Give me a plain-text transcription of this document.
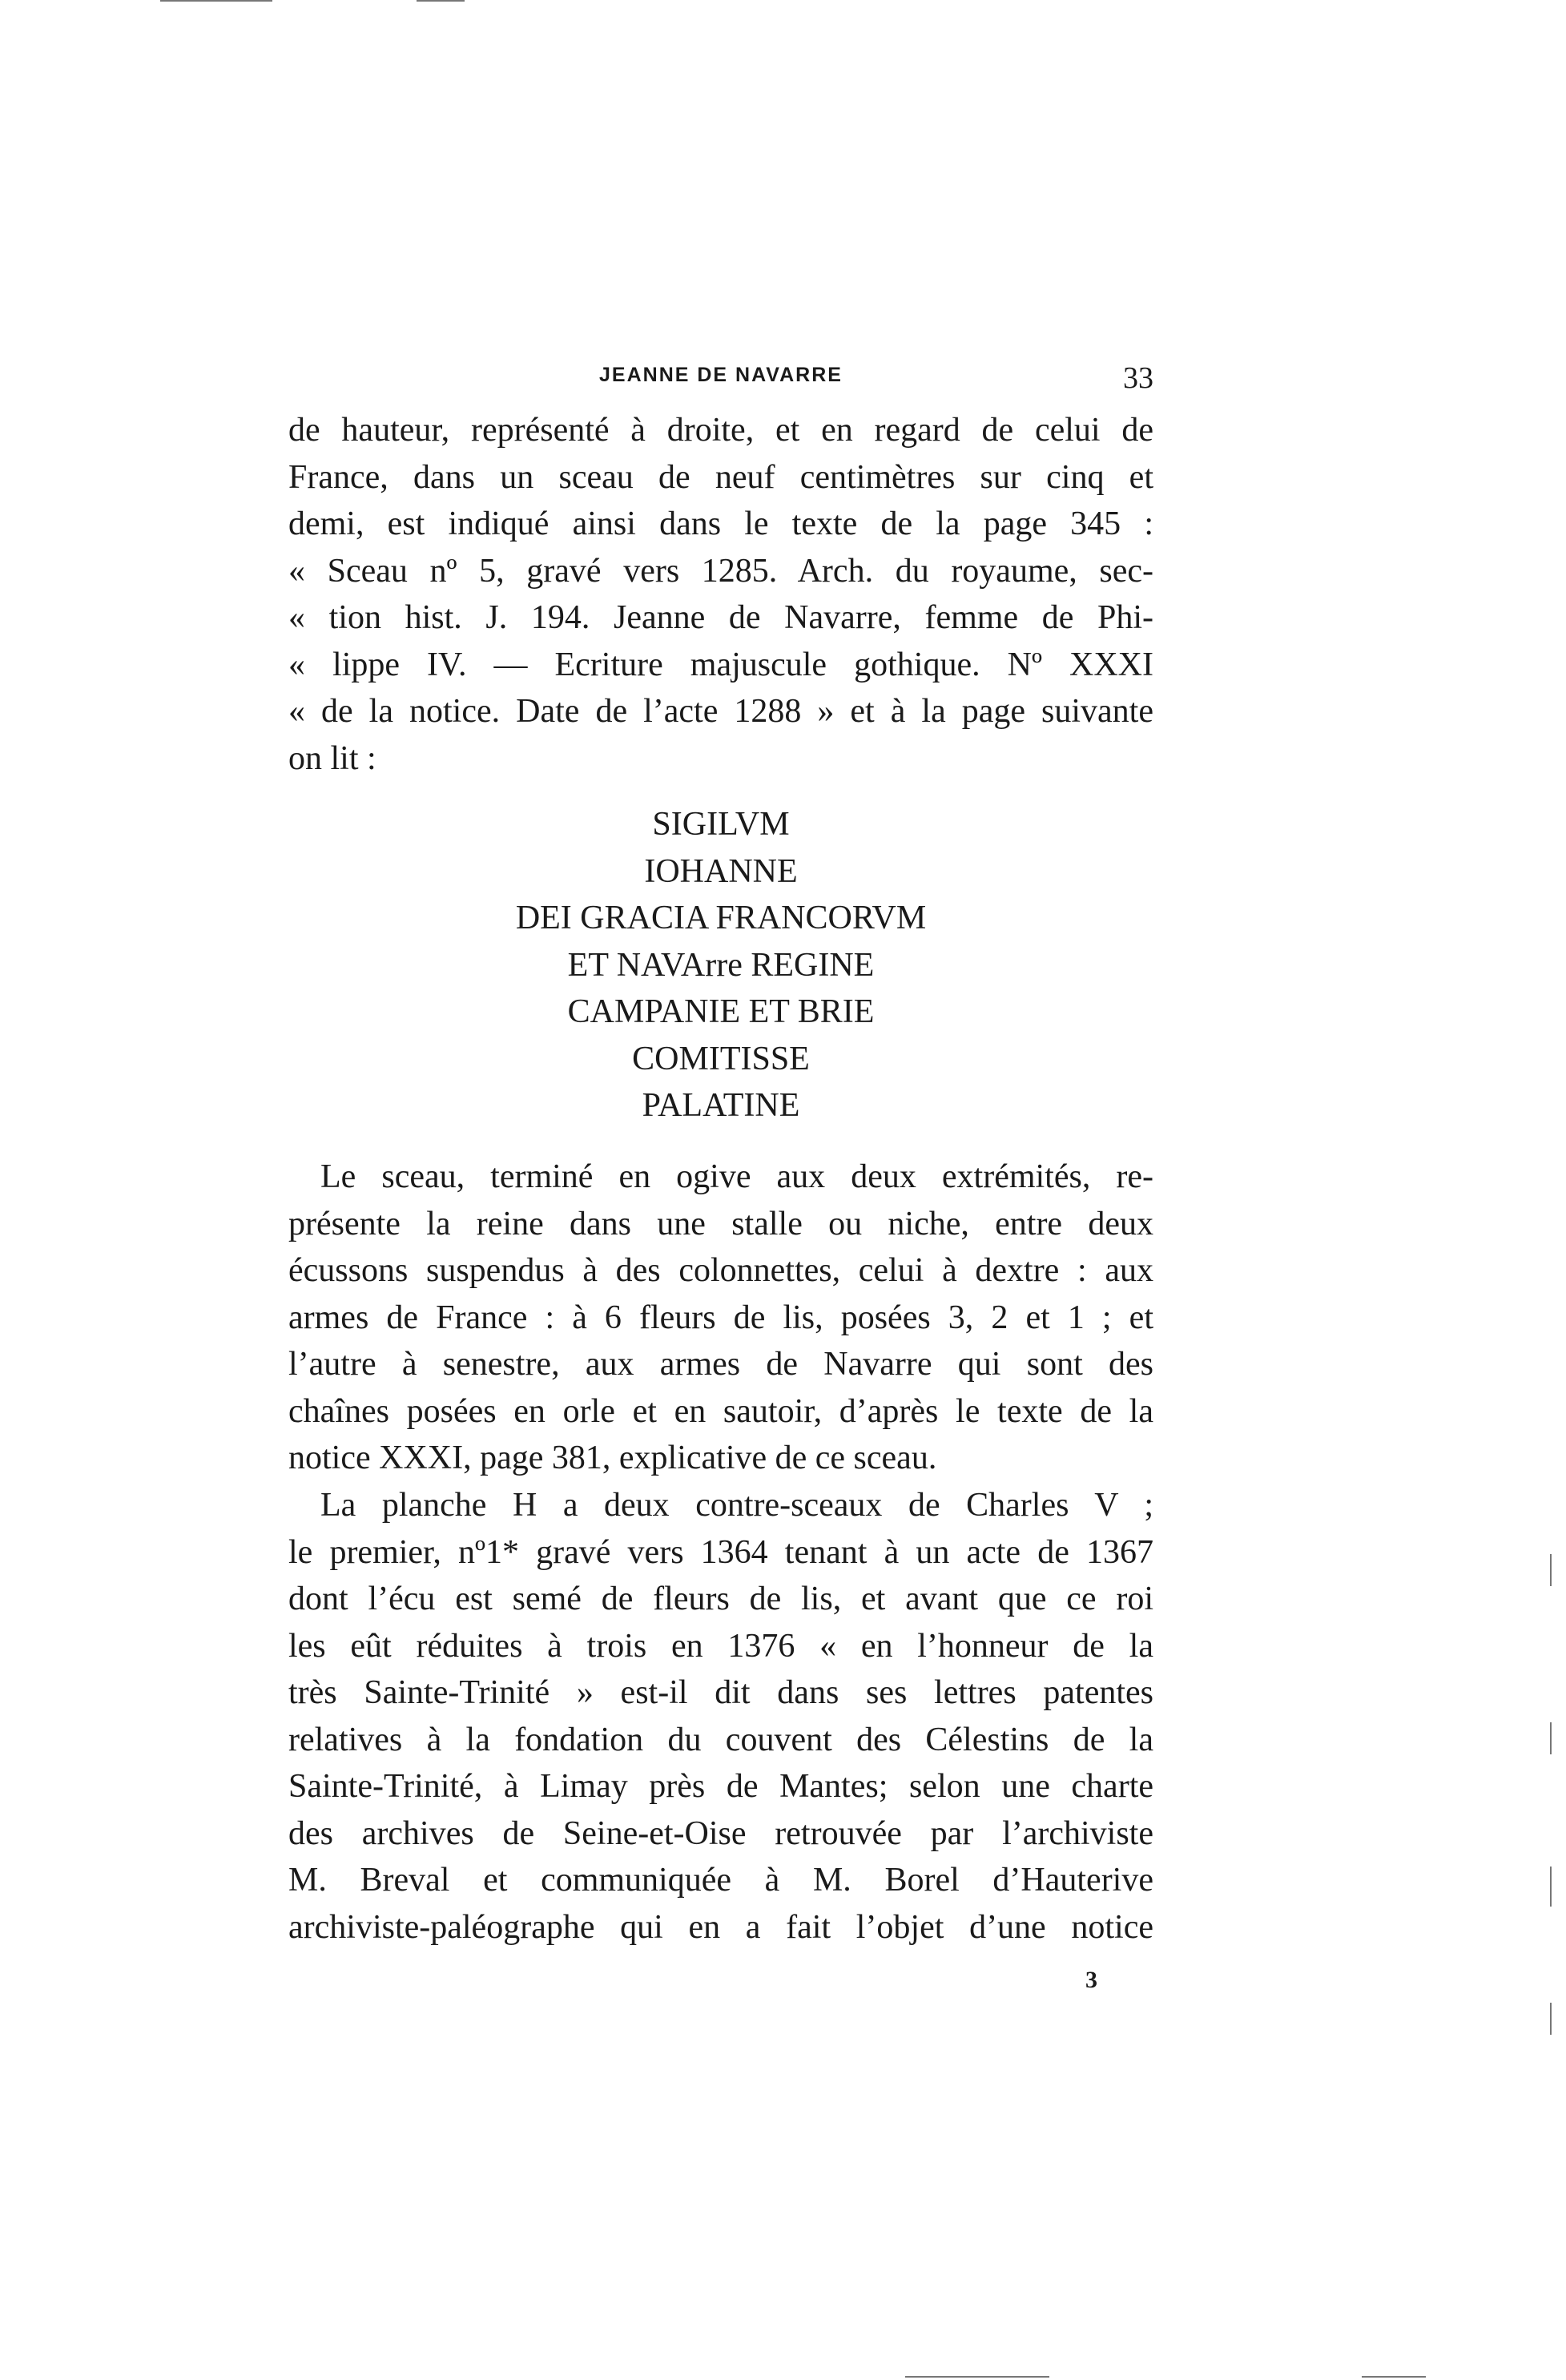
JEANNE DE NAVARRE	33
de hauteur, représenté à droite, et en regard de celui de
France, dans un sceau de neuf centimètres sur cinq et
demi, est indiqué ainsi dans le texte de la page 345 :
« Sceau nº 5, gravé vers 1285. Arch. du royaume, sec-
« tion hist. J. 194. Jeanne de Navarre, femme de Phi-
« lippe IV. — Ecriture majuscule gothique. Nº XXXI
« de la notice. Date de l’acte 1288 » et à la page suivante
on lit :
SIGILVM
IOHANNE
DEI GRACIA FRANCORVM
ET NAVArre REGINE
CAMPANIE ET BRIE
COMITISSE
PALATINE
Le sceau, terminé en ogive aux deux extrémités, re-
présente la reine dans une stalle ou niche, entre deux
écussons suspendus à des colonnettes, celui à dextre : aux
armes de France : à 6 fleurs de lis, posées 3, 2 et 1 ; et
l’autre à senestre, aux armes de Navarre qui sont des
chaînes posées en orle et en sautoir, d’après le texte de la
notice XXXI, page 381, explicative de ce sceau.
La planche H a deux contre-sceaux de Charles V ;
le premier, nº1* gravé vers 1364 tenant à un acte de 1367
dont l’écu est semé de fleurs de lis, et avant que ce roi
les eût réduites à trois en 1376 « en l’honneur de la
très Sainte-Trinité » est-il dit dans ses lettres patentes
relatives à la fondation du couvent des Célestins de la
Sainte-Trinité, à Limay près de Mantes; selon une charte
des archives de Seine-et-Oise retrouvée par l’archiviste
M. Breval et communiquée à M. Borel d’Hauterive
archiviste-paléographe qui en a fait l’objet d’une notice
3
